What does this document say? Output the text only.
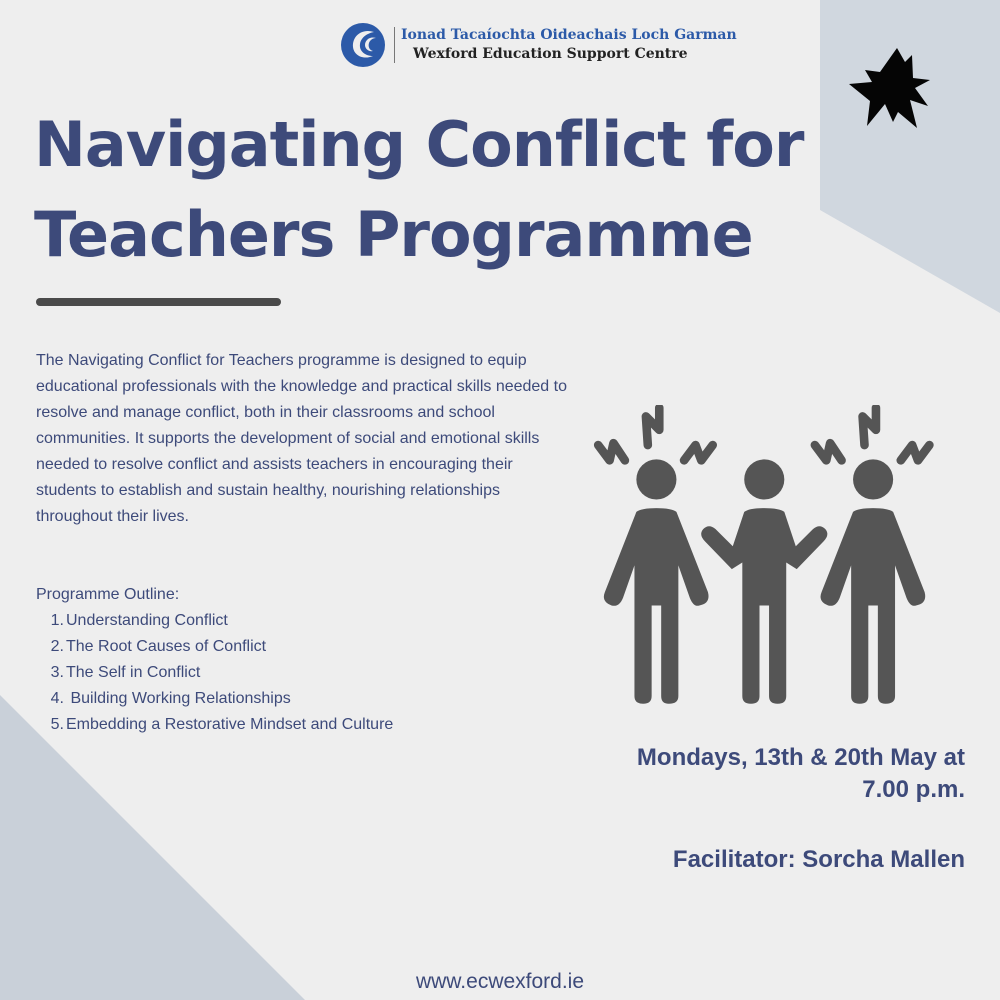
Ionad Tacaíochta Oideachais Loch Garman
Wexford Education Support Centre
Navigating Conflict for
Teachers Programme

The Navigating Conflict for Teachers programme is designed to equip educational professionals with the knowledge and practical skills needed to resolve and manage conflict, both in their classrooms and school communities. It supports the development of social and emotional skills needed to resolve conflict and assists teachers in encouraging their students to establish and sustain healthy, nourishing relationships throughout their lives.

Programme Outline:
1. Understanding Conflict
2. The Root Causes of Conflict
3. The Self in Conflict
4. Building Working Relationships
5. Embedding a Restorative Mindset and Culture

Mondays, 13th & 20th May at
7.00 p.m.

Facilitator: Sorcha Mallen
www.ecwexford.ie
